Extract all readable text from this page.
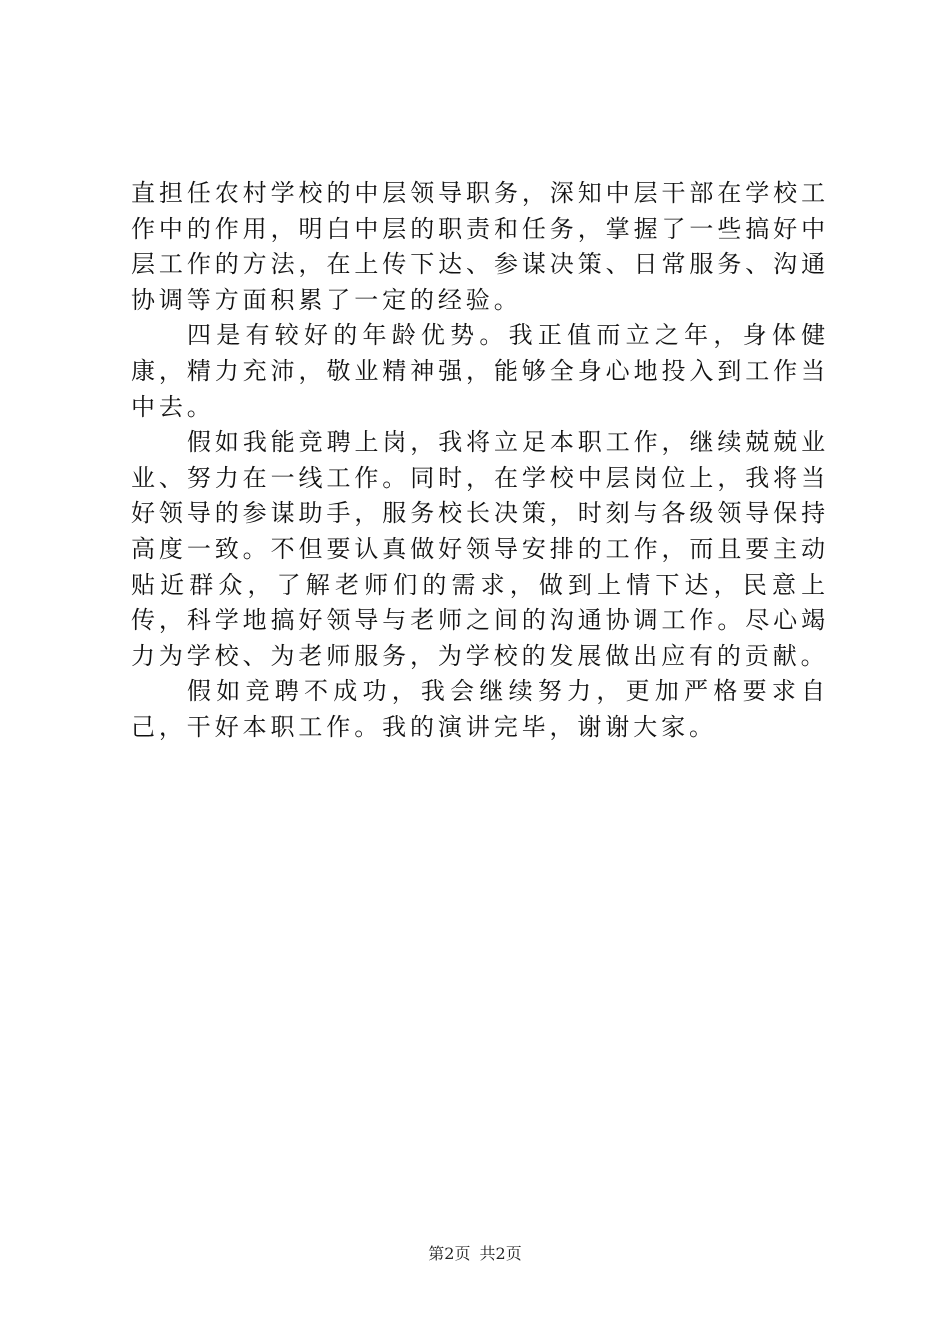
直担任农村学校的中层领导职务，深知中层干部在学校工作中的作用，明白中层的职责和任务，掌握了一些搞好中层工作的方法，在上传下达、参谋决策、日常服务、沟通协调等方面积累了一定的经验。

四是有较好的年龄优势。我正值而立之年，身体健康，精力充沛，敬业精神强，能够全身心地投入到工作当中去。

假如我能竞聘上岗，我将立足本职工作，继续兢兢业业、努力在一线工作。同时，在学校中层岗位上，我将当好领导的参谋助手，服务校长决策，时刻与各级领导保持高度一致。不但要认真做好领导安排的工作，而且要主动贴近群众，了解老师们的需求，做到上情下达，民意上传，科学地搞好领导与老师之间的沟通协调工作。尽心竭力为学校、为老师服务，为学校的发展做出应有的贡献。

假如竞聘不成功，我会继续努力，更加严格要求自己，干好本职工作。我的演讲完毕，谢谢大家。

第2页 共2页
